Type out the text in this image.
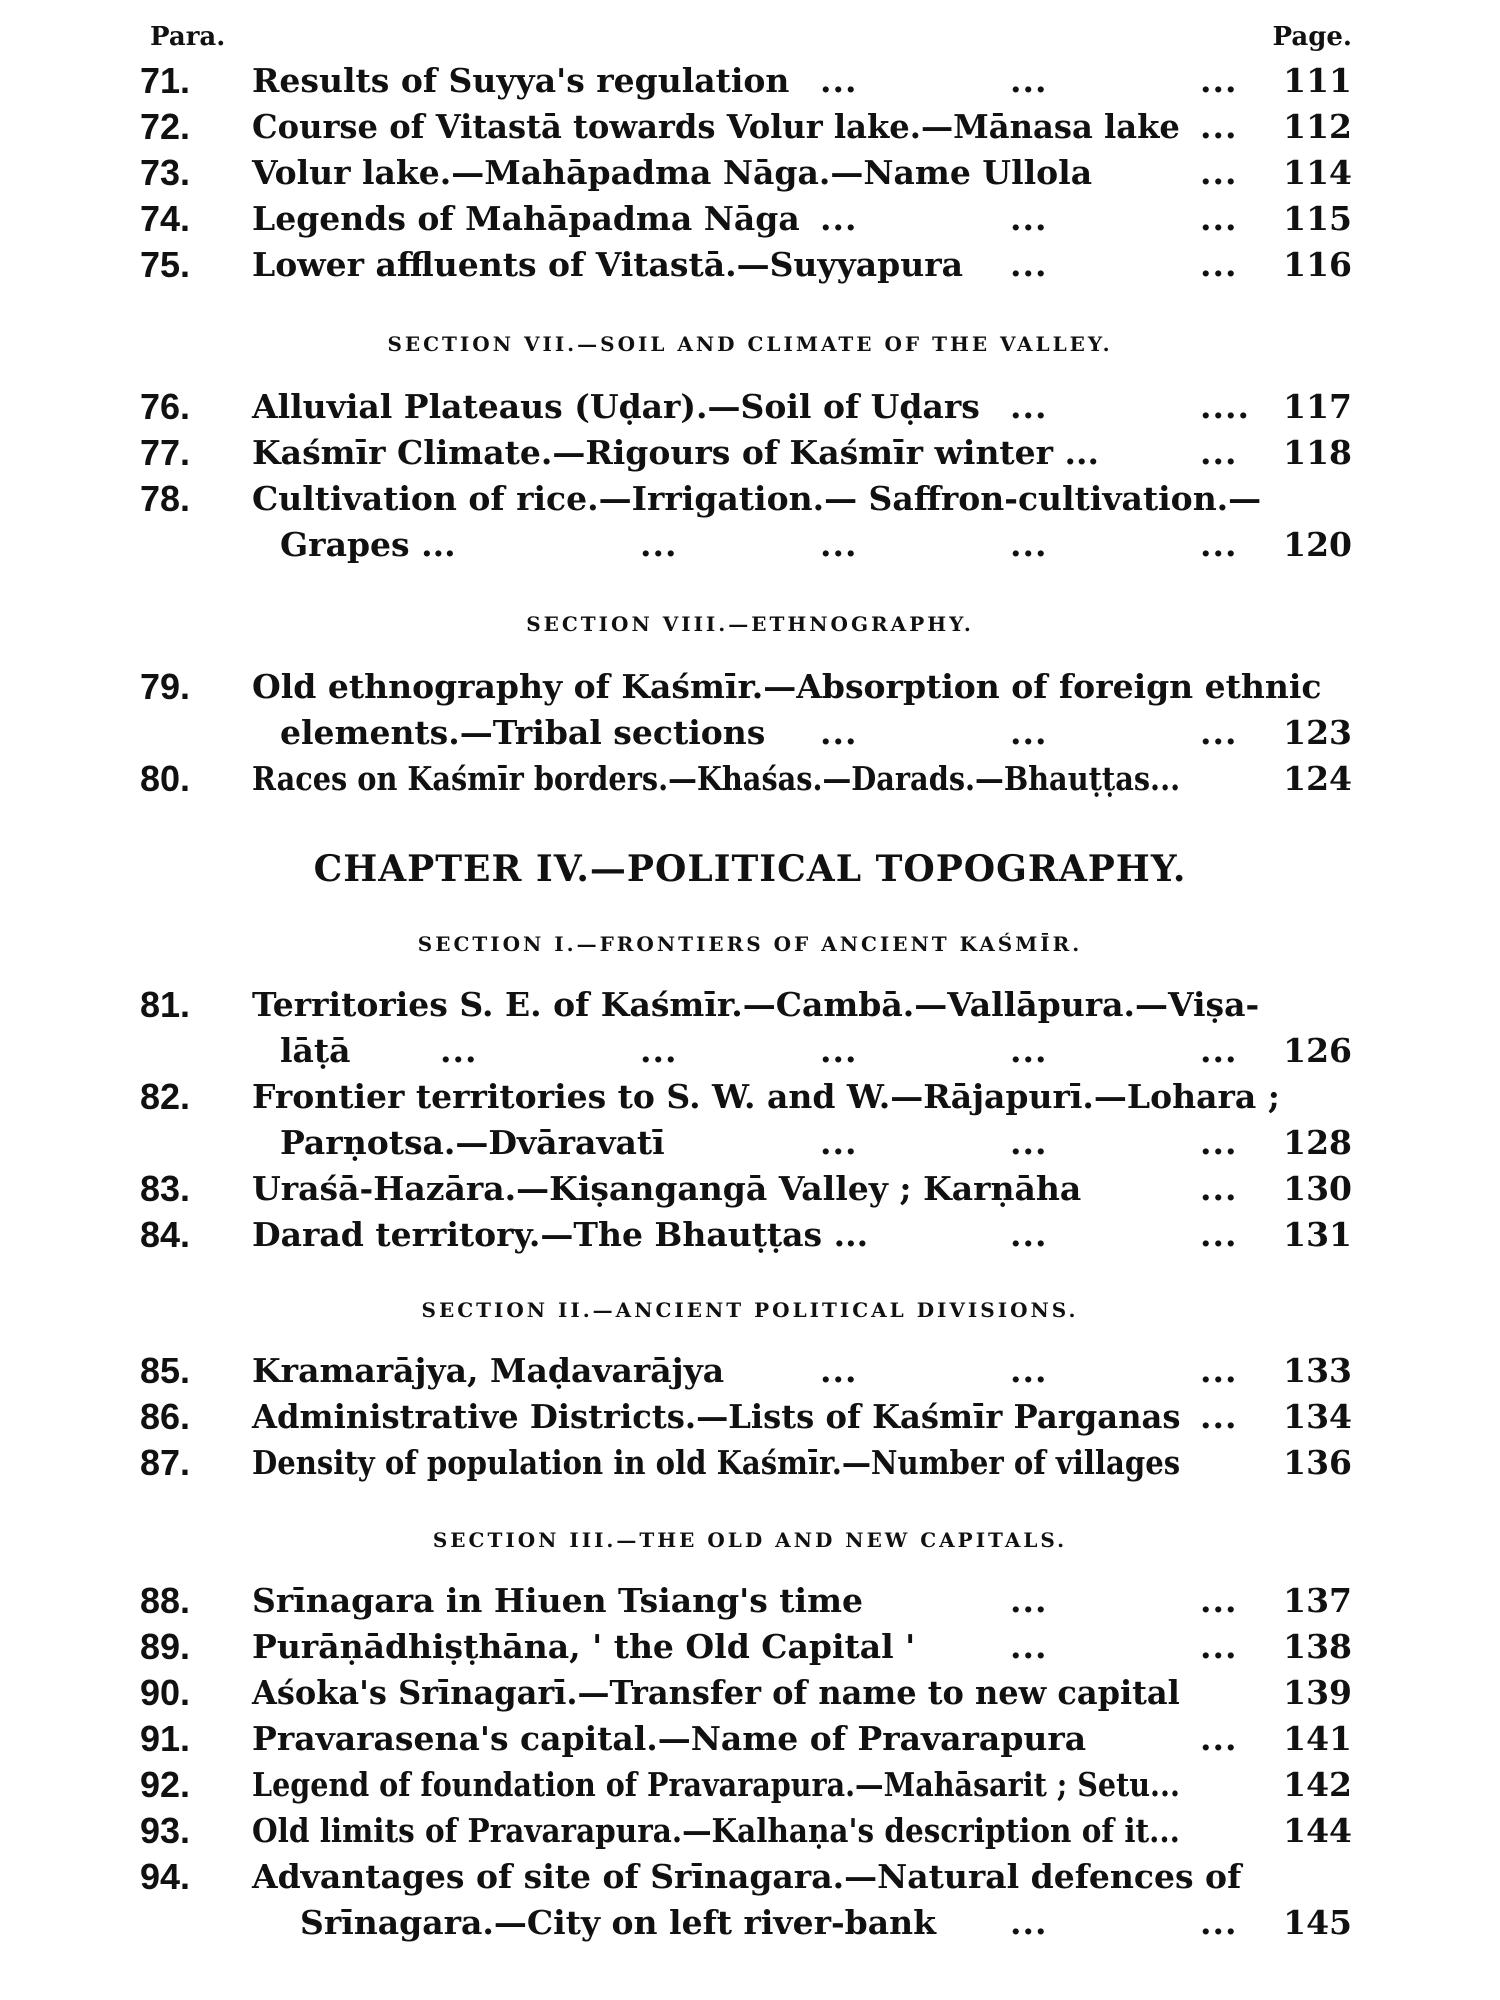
Para.	Page.
71.	Results of Suyya's regulation ...	...	...	111
72.	Course of Vitastā towards Volur lake.—Mānasa lake ...	112
73.	Volur lake.—Mahāpadma Nāga.—Name Ullola	...	114
74.	Legends of Mahāpadma Nāga ...	...	...	115
75.	Lower affluents of Vitastā.—Suyyapura ...	...	116
SECTION VII.—SOIL AND CLIMATE OF THE VALLEY.
76.	Alluvial Plateaus (Uḍar).—Soil of Uḍars ...	....	117
77.	Kaśmīr Climate.—Rigours of Kaśmīr winter ...	...	118
78.	Cultivation of rice.—Irrigation.— Saffron-cultivation.—
Grapes ...	...	...	...	...	120
SECTION VIII.—ETHNOGRAPHY.
79.	Old ethnography of Kaśmīr.—Absorption of foreign ethnic
elements.—Tribal sections ...	...	...	123
80.	Races on Kaśmīr borders.—Khaśas.—Darads.—Bhauṭṭas...	124
CHAPTER IV.—POLITICAL TOPOGRAPHY.
SECTION I.—FRONTIERS OF ANCIENT KAŚMĪR.
81.	Territories S. E. of Kaśmīr.—Cambā.—Vallāpura.—Viṣa-
lāṭā	...	...	...	...	...	126
82.	Frontier territories to S. W. and W.—Rājapurī.—Lohara ;
Parṇotsa.—Dvāravatī	...	...	...	128
83.	Uraśā-Hazāra.—Kiṣangangā Valley ; Karṇāha	...	130
84.	Darad territory.—The Bhauṭṭas ...	...	...	131
SECTION II.—ANCIENT POLITICAL DIVISIONS.
85.	Kramarājya, Maḍavarājya	...	...	...	133
86.	Administrative Districts.—Lists of Kaśmīr Parganas ...	134
87.	Density of population in old Kaśmīr.—Number of villages	136
SECTION III.—THE OLD AND NEW CAPITALS.
88.	Srīnagara in Hiuen Tsiang's time	...	...	137
89.	Purāṇādhiṣṭhāna, ' the Old Capital '	...	...	138
90.	Aśoka's Srīnagarī.—Transfer of name to new capital	139
91.	Pravarasena's capital.—Name of Pravarapura	...	141
92.	Legend of foundation of Pravarapura.—Mahāsarit ; Setu...	142
93.	Old limits of Pravarapura.—Kalhaṇa's description of it...	144
94.	Advantages of site of Srīnagara.—Natural defences of
Srīnagara.—City on left river-bank ...	...	145
